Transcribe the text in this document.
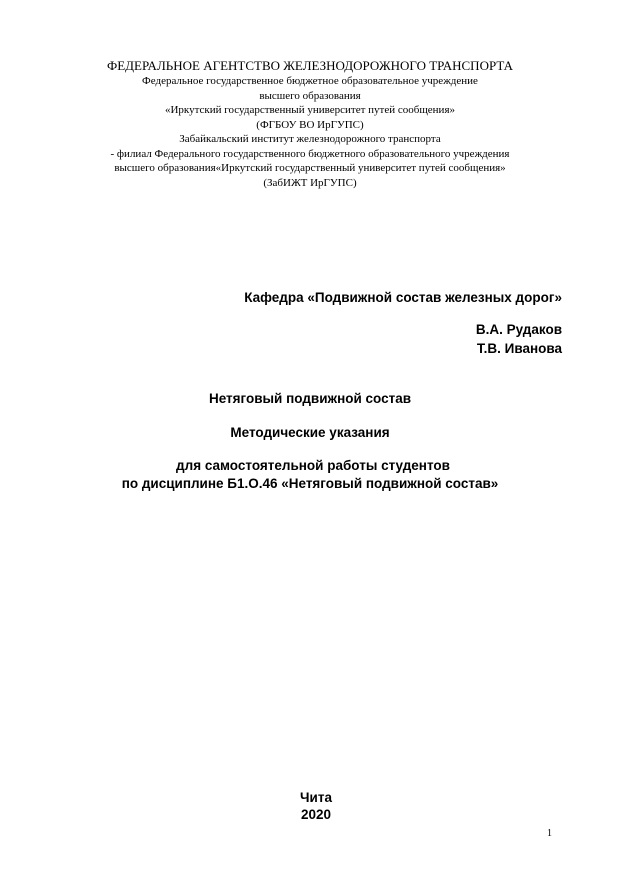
ФЕДЕРАЛЬНОЕ АГЕНТСТВО ЖЕЛЕЗНОДОРОЖНОГО ТРАНСПОРТА
Федеральное государственное бюджетное образовательное учреждение
высшего образования
«Иркутский государственный университет путей сообщения»
(ФГБОУ ВО ИрГУПС)
Забайкальский институт железнодорожного транспорта
- филиал Федерального государственного бюджетного образовательного учреждения
высшего образования«Иркутский государственный университет путей сообщения»
(ЗабИЖТ ИрГУПС)
Кафедра «Подвижной состав железных дорог»
В.А. Рудаков
Т.В. Иванова
Нетяговый подвижной состав
Методические указания
для самостоятельной работы студентов
по дисциплине Б1.О.46 «Нетяговый подвижной состав»
Чита
2020
1
